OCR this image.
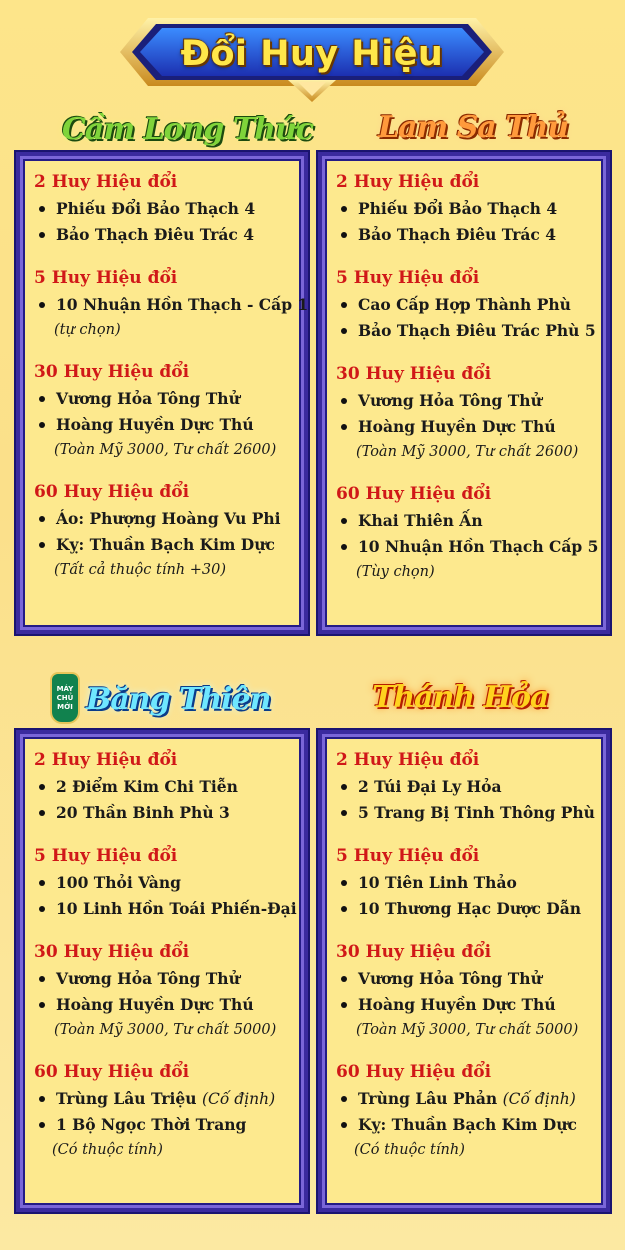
Đổi Huy Hiệu
Cầm Long Thức Lam Sa Thủ
MÁY CHỦ MỚI Băng Thiên	Thánh Hỏa
2 Huy Hiệu đổi
Phiếu Đổi Bảo Thạch 4
Bảo Thạch Điêu Trác 4
5 Huy Hiệu đổi
10 Nhuận Hồn Thạch - Cấp 1
(tự chọn)
30 Huy Hiệu đổi
Vương Hỏa Tông Thử
Hoàng Huyền Dực Thú
(Toàn Mỹ 3000, Tư chất 2600)
60 Huy Hiệu đổi
Áo: Phượng Hoàng Vu Phi
Kỵ: Thuần Bạch Kim Dực
(Tất cả thuộc tính +30)
2 Huy Hiệu đổi
Phiếu Đổi Bảo Thạch 4
Bảo Thạch Điêu Trác 4
5 Huy Hiệu đổi
Cao Cấp Hợp Thành Phù
Bảo Thạch Điêu Trác Phù 5
30 Huy Hiệu đổi
Vương Hỏa Tông Thử
Hoàng Huyền Dực Thú
(Toàn Mỹ 3000, Tư chất 2600)
60 Huy Hiệu đổi
Khai Thiên Ấn
10 Nhuận Hồn Thạch Cấp 5
(Tùy chọn)
2 Huy Hiệu đổi
2 Điểm Kim Chi Tiễn
20 Thần Binh Phù 3
5 Huy Hiệu đổi
100 Thỏi Vàng
10 Linh Hồn Toái Phiến-Đại
30 Huy Hiệu đổi
Vương Hỏa Tông Thử
Hoàng Huyền Dực Thú
(Toàn Mỹ 3000, Tư chất 5000)
60 Huy Hiệu đổi
Trùng Lâu Triệu (Cố định)
1 Bộ Ngọc Thời Trang
(Có thuộc tính)
2 Huy Hiệu đổi
2 Túi Đại Ly Hỏa
5 Trang Bị Tinh Thông Phù
5 Huy Hiệu đổi
10 Tiên Linh Thảo
10 Thương Hạc Dược Dẫn
30 Huy Hiệu đổi
Vương Hỏa Tông Thử
Hoàng Huyền Dực Thú
(Toàn Mỹ 3000, Tư chất 5000)
60 Huy Hiệu đổi
Trùng Lâu Phản (Cố định)
Kỵ: Thuần Bạch Kim Dực
(Có thuộc tính)
